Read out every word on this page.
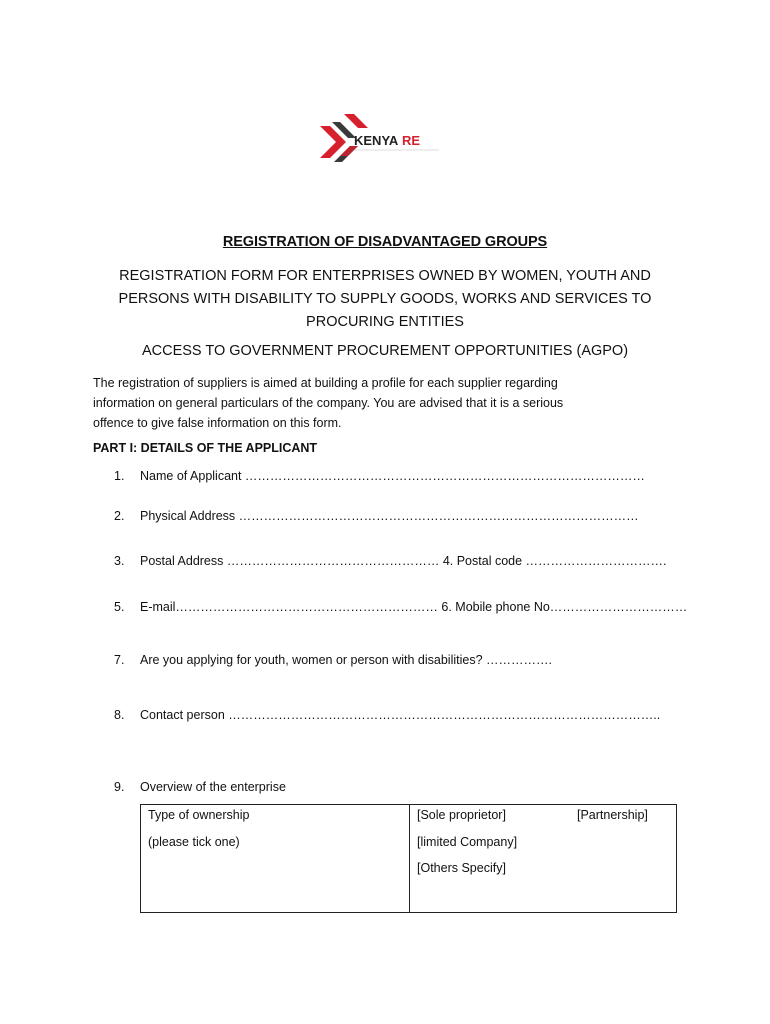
KENYA RE
REGISTRATION OF DISADVANTAGED GROUPS
REGISTRATION FORM FOR ENTERPRISES OWNED BY WOMEN, YOUTH AND
PERSONS WITH DISABILITY TO SUPPLY GOODS, WORKS AND SERVICES TO
PROCURING ENTITIES
ACCESS TO GOVERNMENT PROCUREMENT OPPORTUNITIES (AGPO)
The registration of suppliers is aimed at building a profile for each supplier regarding
information on general particulars of the company. You are advised that it is a serious
offence to give false information on this form.
PART I: DETAILS OF THE APPLICANT
1. Name of Applicant ……………………………………………………………………………………
2. Physical Address ……………………………………………………………………………………
3. Postal Address …………………………………………… 4. Postal code …………………………….
5. E-mail……………………………………………………… 6. Mobile phone No……………………………
7. Are you applying for youth, women or person with disabilities? …………….
8. Contact person …………………………………………………………………………………………..
9. Overview of the enterprise
Type of ownership
(please tick one)
[Sole proprietor]	[Partnership]
[limited Company]
[Others Specify]
